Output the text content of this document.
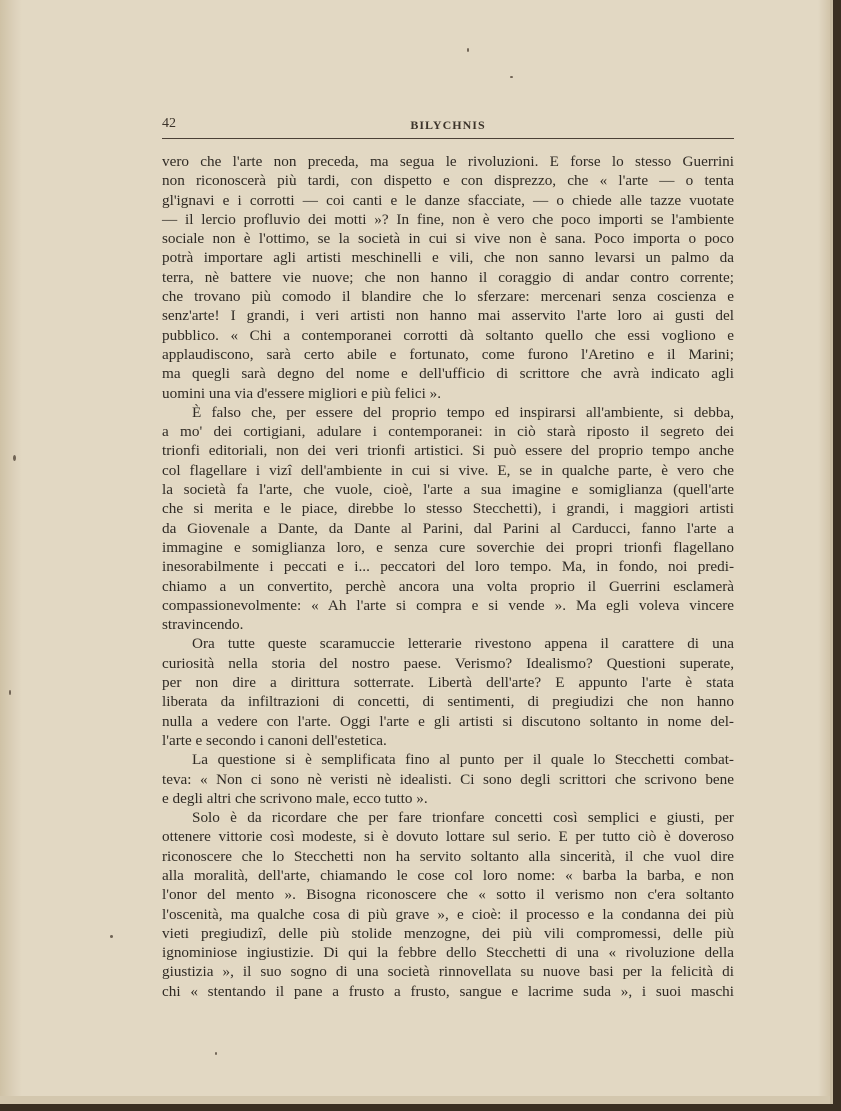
42	BILYCHNIS
vero che l'arte non preceda, ma segua le rivoluzioni. E forse lo stesso Guerrini
non riconoscerà più tardi, con dispetto e con disprezzo, che « l'arte — o tenta
gl'ignavi e i corrotti — coi canti e le danze sfacciate, — o chiede alle tazze vuotate
— il lercio profluvio dei motti »? In fine, non è vero che poco importi se l'ambiente
sociale non è l'ottimo, se la società in cui si vive non è sana. Poco importa o poco
potrà importare agli artisti meschinelli e vili, che non sanno levarsi un palmo da
terra, nè battere vie nuove; che non hanno il coraggio di andar contro corrente;
che trovano più comodo il blandire che lo sferzare: mercenari senza coscienza e
senz'arte! I grandi, i veri artisti non hanno mai asservito l'arte loro ai gusti del
pubblico. « Chi a contemporanei corrotti dà soltanto quello che essi vogliono e
applaudiscono, sarà certo abile e fortunato, come furono l'Aretino e il Marini;
ma quegli sarà degno del nome e dell'ufficio di scrittore che avrà indicato agli
uomini una via d'essere migliori e più felici ».
È falso che, per essere del proprio tempo ed inspirarsi all'ambiente, si debba,
a mo' dei cortigiani, adulare i contemporanei: in ciò starà riposto il segreto dei
trionfi editoriali, non dei veri trionfi artistici. Si può essere del proprio tempo anche
col flagellare i vizî dell'ambiente in cui si vive. E, se in qualche parte, è vero che
la società fa l'arte, che vuole, cioè, l'arte a sua imagine e somiglianza (quell'arte
che si merita e le piace, direbbe lo stesso Stecchetti), i grandi, i maggiori artisti
da Giovenale a Dante, da Dante al Parini, dal Parini al Carducci, fanno l'arte a
immagine e somiglianza loro, e senza cure soverchie dei propri trionfi flagellano
inesorabilmente i peccati e i... peccatori del loro tempo. Ma, in fondo, noi predi-
chiamo a un convertito, perchè ancora una volta proprio il Guerrini esclamerà
compassionevolmente: « Ah l'arte si compra e si vende ». Ma egli voleva vincere
stravincendo.
Ora tutte queste scaramuccie letterarie rivestono appena il carattere di una
curiosità nella storia del nostro paese. Verismo? Idealismo? Questioni superate,
per non dire a dirittura sotterrate. Libertà dell'arte? E appunto l'arte è stata
liberata da infiltrazioni di concetti, di sentimenti, di pregiudizi che non hanno
nulla a vedere con l'arte. Oggi l'arte e gli artisti si discutono soltanto in nome del-
l'arte e secondo i canoni dell'estetica.
La questione si è semplificata fino al punto per il quale lo Stecchetti combat-
teva: « Non ci sono nè veristi nè idealisti. Ci sono degli scrittori che scrivono bene
e degli altri che scrivono male, ecco tutto ».
Solo è da ricordare che per fare trionfare concetti così semplici e giusti, per
ottenere vittorie così modeste, si è dovuto lottare sul serio. E per tutto ciò è doveroso
riconoscere che lo Stecchetti non ha servito soltanto alla sincerità, il che vuol dire
alla moralità, dell'arte, chiamando le cose col loro nome: « barba la barba, e non
l'onor del mento ». Bisogna riconoscere che « sotto il verismo non c'era soltanto
l'oscenità, ma qualche cosa di più grave », e cioè: il processo e la condanna dei più
vieti pregiudizî, delle più stolide menzogne, dei più vili compromessi, delle più
ignominiose ingiustizie. Di qui la febbre dello Stecchetti di una « rivoluzione della
giustizia », il suo sogno di una società rinnovellata su nuove basi per la felicità di
chi « stentando il pane a frusto a frusto, sangue e lacrime suda », i suoi maschi
